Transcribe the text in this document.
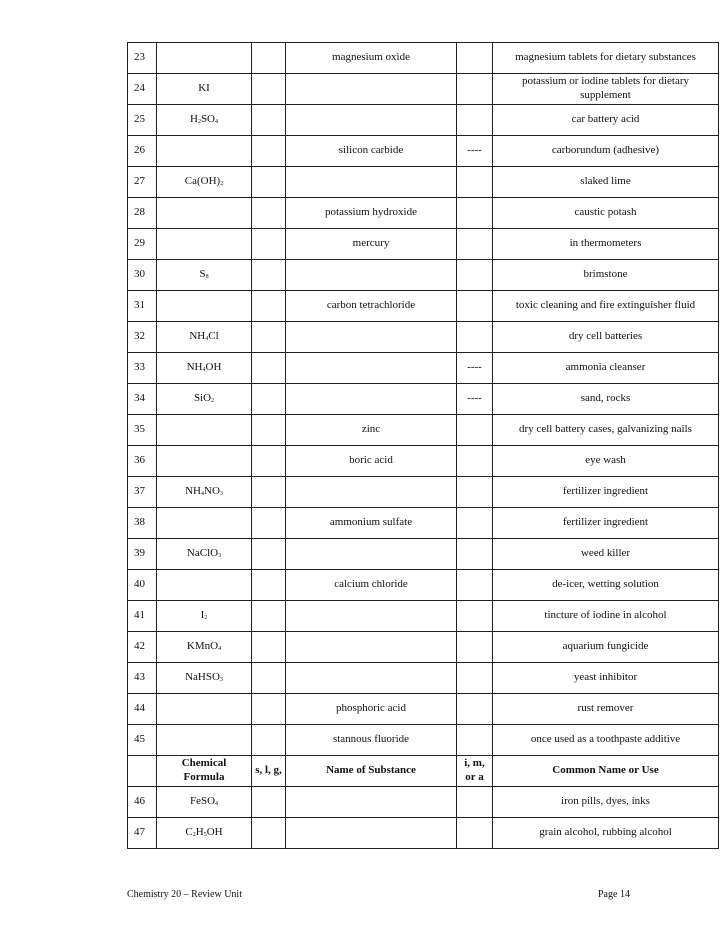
23			magnesium oxide		magnesium tablets for dietary substances
24	KI				potassium or iodine tablets for dietary supplement
25	$H_2SO_4$				car battery acid
26			silicon carbide	----	carborundum (adhesive)
27	$Ca(OH)_2$				slaked lime
28			potassium hydroxide		caustic potash
29			mercury		in thermometers
30	$S_8$				brimstone
31			carbon tetrachloride		toxic cleaning and fire extinguisher fluid
32	$NH_4Cl$				dry cell batteries
33	$NH_4OH$			----	ammonia cleanser
34	SiO$_2$			----	sand, rocks
35			zinc		dry cell battery cases, galvanizing nails
36			boric acid		eye wash
37	$NH_4NO_3$				fertilizer ingredient
38			ammonium sulfate		fertilizer ingredient
39	NaClO$_3$				weed killer
40			calcium chloride		de-icer, wetting solution
41	$I_2$				tincture of iodine in alcohol
42	KMnO$_4$				aquarium fungicide
43	NaHSO$_3$				yeast inhibitor
44			phosphoric acid		rust remover
45			stannous fluoride		once used as a toothpaste additive
	Chemical Formula	s, l, g,	Name of Substance	i, m, or a	Common Name or Use
46	FeSO$_4$				iron pills, dyes, inks
47	$C_2H_5OH$				grain alcohol, rubbing alcohol
Chemistry 20 – Review Unit	Page 14
